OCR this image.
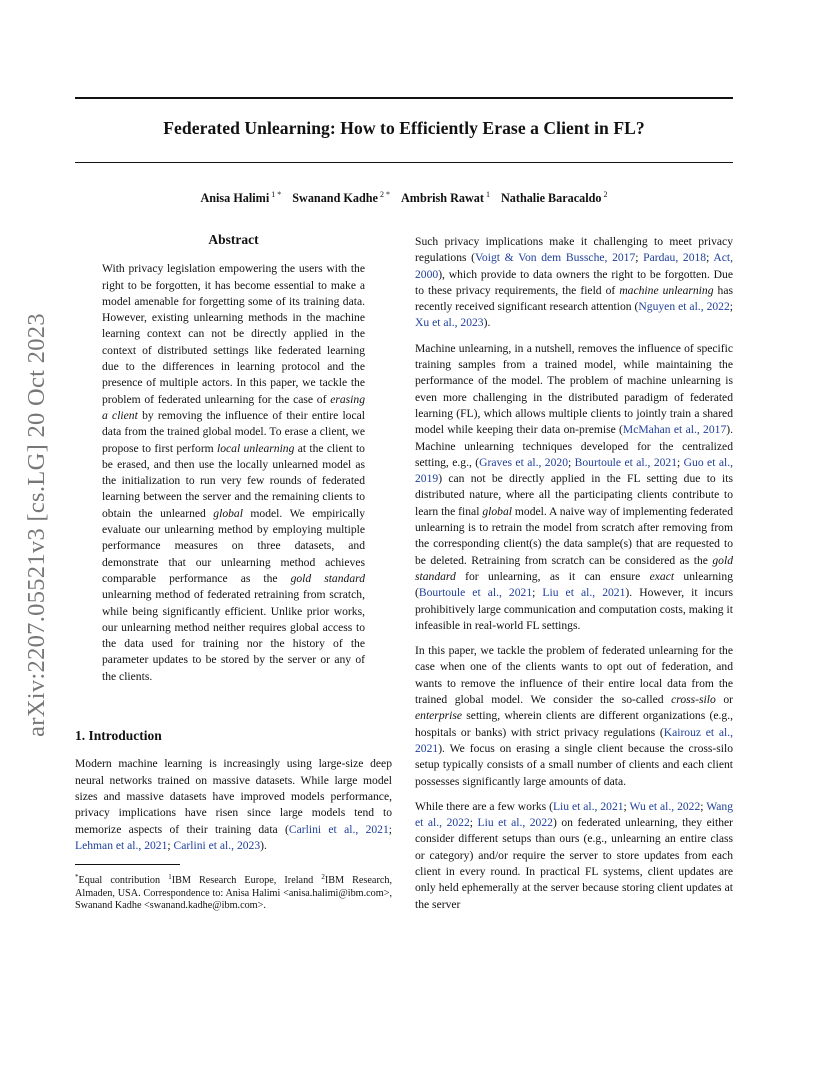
Federated Unlearning: How to Efficiently Erase a Client in FL?
Anisa Halimi $^{1 *}$ Swanand Kadhe $^{2 *}$ Ambrish Rawat $^1$ Nathalie Baracaldo $^2$
arXiv:2207.05521v3 [cs.LG] 20 Oct 2023
Abstract

With privacy legislation empowering the users with the right to be forgotten, it has become essential to make a model amenable for forgetting some of its training data. However, existing unlearning methods in the machine learning context can not be directly applied in the context of distributed settings like federated learning due to the differences in learning protocol and the presence of multiple actors. In this paper, we tackle the problem of federated unlearning for the case of erasing a client by removing the influence of their entire local data from the trained global model. To erase a client, we propose to first perform local unlearning at the client to be erased, and then use the locally unlearned model as the initialization to run very few rounds of federated learning between the server and the remaining clients to obtain the unlearned global model. We empirically evaluate our unlearning method by employing multiple performance measures on three datasets, and demonstrate that our unlearning method achieves comparable performance as the gold standard unlearning method of federated retraining from scratch, while being significantly efficient. Unlike prior works, our unlearning method neither requires global access to the data used for training nor the history of the parameter updates to be stored by the server or any of the clients.

1. Introduction

Modern machine learning is increasingly using large-size deep neural networks trained on massive datasets. While large model sizes and massive datasets have improved models performance, privacy implications have risen since large models tend to memorize aspects of their training data (Carlini et al., 2021; Lehman et al., 2021; Carlini et al., 2023).

*Equal contribution $^1$IBM Research Europe, Ireland $^2$IBM Research, Almaden, USA. Correspondence to: Anisa Halimi <anisa.halimi@ibm.com>, Swanand Kadhe <swanand.kadhe@ibm.com>.

Such privacy implications make it challenging to meet privacy regulations (Voigt & Von dem Bussche, 2017; Pardau, 2018; Act, 2000), which provide to data owners the right to be forgotten. Due to these privacy requirements, the field of machine unlearning has recently received significant research attention (Nguyen et al., 2022; Xu et al., 2023).

Machine unlearning, in a nutshell, removes the influence of specific training samples from a trained model, while maintaining the performance of the model. The problem of machine unlearning is even more challenging in the distributed paradigm of federated learning (FL), which allows multiple clients to jointly train a shared model while keeping their data on-premise (McMahan et al., 2017). Machine unlearning techniques developed for the centralized setting, e.g., (Graves et al., 2020; Bourtoule et al., 2021; Guo et al., 2019) can not be directly applied in the FL setting due to its distributed nature, where all the participating clients contribute to learn the final global model. A naive way of implementing federated unlearning is to retrain the model from scratch after removing from the corresponding client(s) the data sample(s) that are requested to be deleted. Retraining from scratch can be considered as the gold standard for unlearning, as it can ensure exact unlearning (Bourtoule et al., 2021; Liu et al., 2021). However, it incurs prohibitively large communication and computation costs, making it infeasible in real-world FL settings.

In this paper, we tackle the problem of federated unlearning for the case when one of the clients wants to opt out of federation, and wants to remove the influence of their entire local data from the trained global model. We consider the so-called cross-silo or enterprise setting, wherein clients are different organizations (e.g., hospitals or banks) with strict privacy regulations (Kairouz et al., 2021). We focus on erasing a single client because the cross-silo setup typically consists of a small number of clients and each client possesses significantly large amounts of data.

While there are a few works (Liu et al., 2021; Wu et al., 2022; Wang et al., 2022; Liu et al., 2022) on federated unlearning, they either consider different setups than ours (e.g., unlearning an entire class or category) and/or require the server to store updates from each client in every round. In practical FL systems, client updates are only held ephemerally at the server because storing client updates at the server
